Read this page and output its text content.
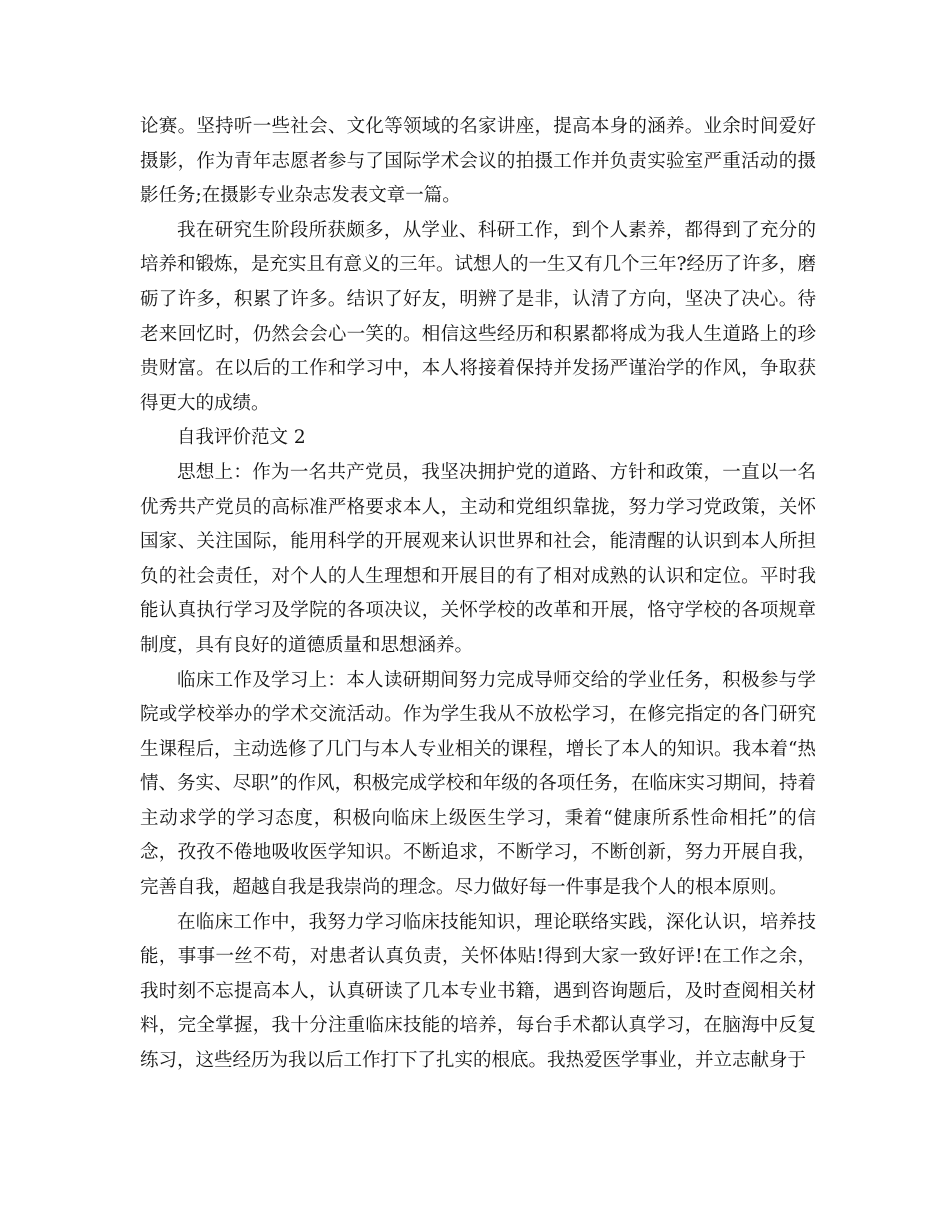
论赛。坚持听一些社会、文化等领域的名家讲座，提高本身的涵养。业余时间爱好摄影，作为青年志愿者参与了国际学术会议的拍摄工作并负责实验室严重活动的摄影任务;在摄影专业杂志发表文章一篇。

我在研究生阶段所获颇多，从学业、科研工作，到个人素养，都得到了充分的培养和锻炼，是充实且有意义的三年。试想人的一生又有几个三年?经历了许多，磨砺了许多，积累了许多。结识了好友，明辨了是非，认清了方向，坚决了决心。待老来回忆时，仍然会会心一笑的。相信这些经历和积累都将成为我人生道路上的珍贵财富。在以后的工作和学习中，本人将接着保持并发扬严谨治学的作风，争取获得更大的成绩。

自我评价范文 2

思想上：作为一名共产党员，我坚决拥护党的道路、方针和政策，一直以一名优秀共产党员的高标准严格要求本人，主动和党组织靠拢，努力学习党政策，关怀国家、关注国际，能用科学的开展观来认识世界和社会，能清醒的认识到本人所担负的社会责任，对个人的人生理想和开展目的有了相对成熟的认识和定位。平时我能认真执行学习及学院的各项决议，关怀学校的改革和开展，恪守学校的各项规章制度，具有良好的道德质量和思想涵养。

临床工作及学习上：本人读研期间努力完成导师交给的学业任务，积极参与学院或学校举办的学术交流活动。作为学生我从不放松学习，在修完指定的各门研究生课程后，主动选修了几门与本人专业相关的课程，增长了本人的知识。我本着“热情、务实、尽职”的作风，积极完成学校和年级的各项任务，在临床实习期间，持着主动求学的学习态度，积极向临床上级医生学习，秉着“健康所系性命相托”的信念，孜孜不倦地吸收医学知识。不断追求，不断学习，不断创新，努力开展自我，完善自我，超越自我是我崇尚的理念。尽力做好每一件事是我个人的根本原则。

在临床工作中，我努力学习临床技能知识，理论联络实践，深化认识，培养技能，事事一丝不苟，对患者认真负责，关怀体贴!得到大家一致好评!在工作之余，我时刻不忘提高本人，认真研读了几本专业书籍，遇到咨询题后，及时查阅相关材料，完全掌握，我十分注重临床技能的培养，每台手术都认真学习，在脑海中反复练习，这些经历为我以后工作打下了扎实的根底。我热爱医学事业，并立志献身于
